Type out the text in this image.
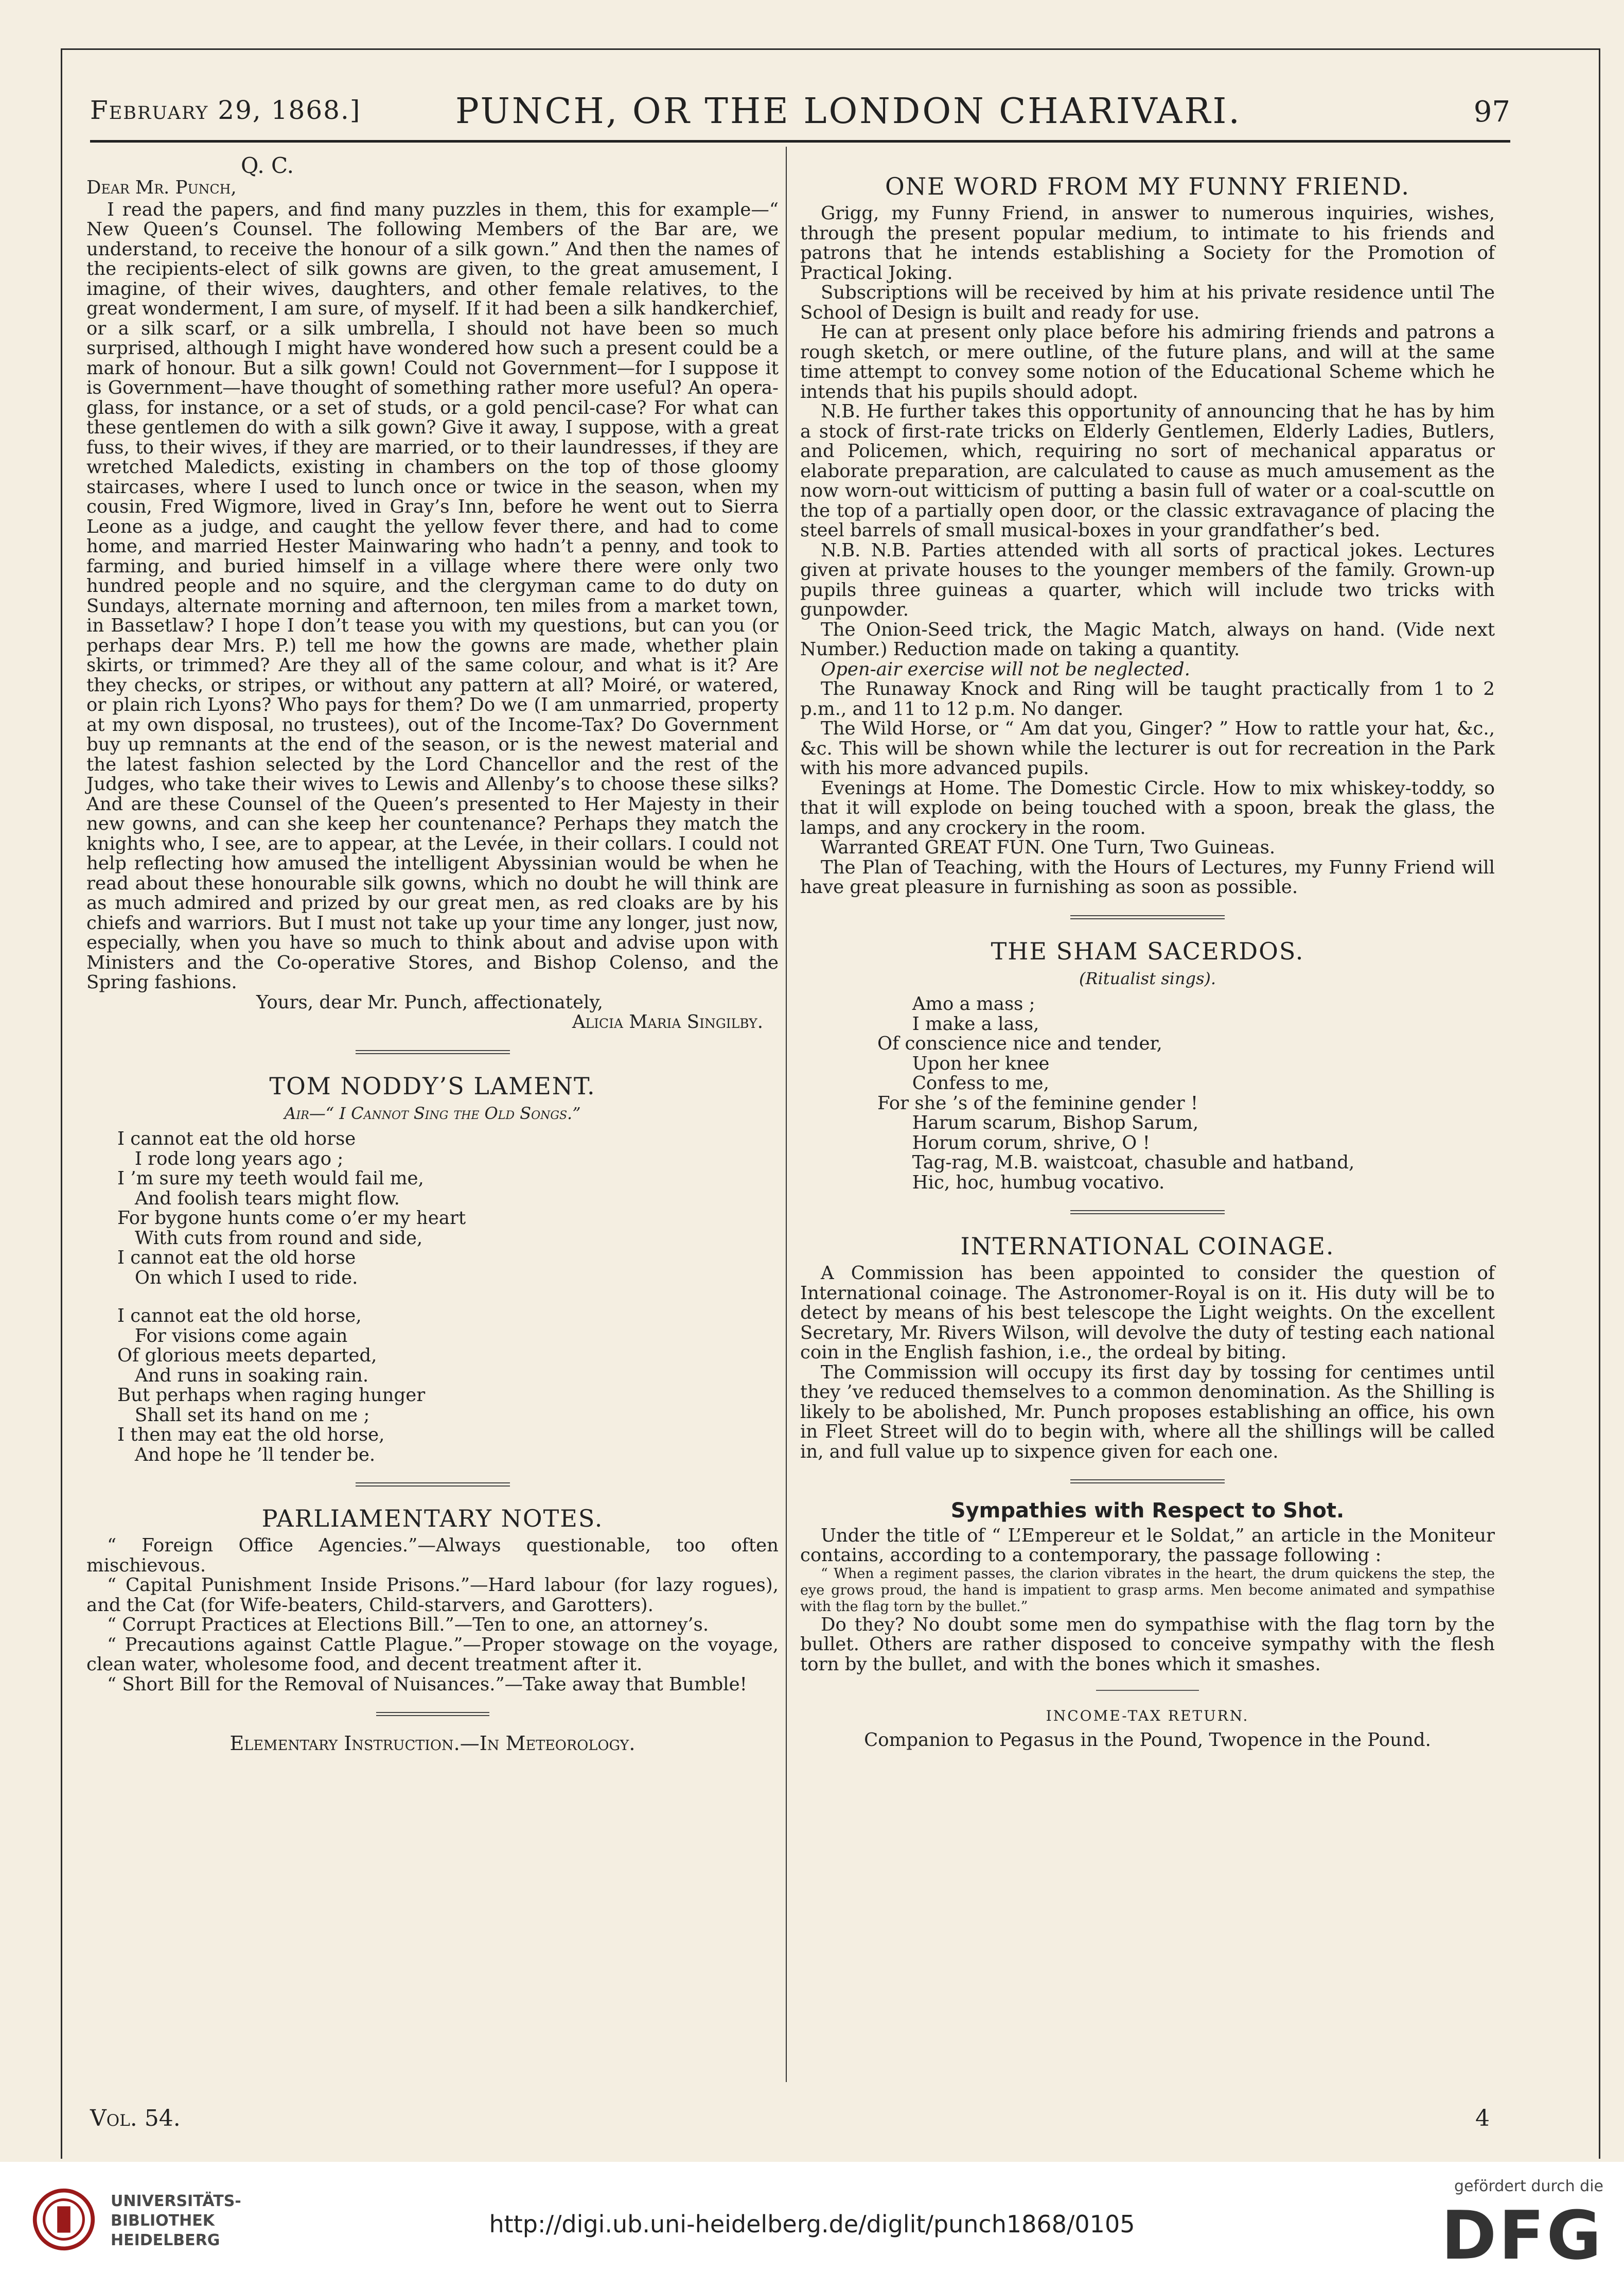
February 29, 1868.]	PUNCH, OR THE LONDON CHARIVARI.	97
Q. C.

Dear Mr. Punch,

I read the papers, and find many puzzles in them, this for example—“ New Queen’s Counsel. The following Members of the Bar are, we understand, to receive the honour of a silk gown.” And then the names of the recipients-elect of silk gowns are given, to the great amusement, I imagine, of their wives, daughters, and other female relatives, to the great wonderment, I am sure, of myself. If it had been a silk handkerchief, or a silk scarf, or a silk umbrella, I should not have been so much surprised, although I might have wondered how such a present could be a mark of honour. But a silk gown! Could not Government—for I suppose it is Government—have thought of something rather more useful? An opera-glass, for instance, or a set of studs, or a gold pencil-case? For what can these gentlemen do with a silk gown? Give it away, I suppose, with a great fuss, to their wives, if they are married, or to their laundresses, if they are wretched Maledicts, existing in chambers on the top of those gloomy staircases, where I used to lunch once or twice in the season, when my cousin, Fred Wigmore, lived in Gray’s Inn, before he went out to Sierra Leone as a judge, and caught the yellow fever there, and had to come home, and married Hester Mainwaring who hadn’t a penny, and took to farming, and buried himself in a village where there were only two hundred people and no squire, and the clergyman came to do duty on Sundays, alternate morning and afternoon, ten miles from a market town, in Bassetlaw? I hope I don’t tease you with my questions, but can you (or perhaps dear Mrs. P.) tell me how the gowns are made, whether plain skirts, or trimmed? Are they all of the same colour, and what is it? Are they checks, or stripes, or without any pattern at all? Moiré, or watered, or plain rich Lyons? Who pays for them? Do we (I am unmarried, property at my own disposal, no trustees), out of the Income-Tax? Do Government buy up remnants at the end of the season, or is the newest material and the latest fashion selected by the Lord Chancellor and the rest of the Judges, who take their wives to Lewis and Allenby’s to choose these silks? And are these Counsel of the Queen’s presented to Her Majesty in their new gowns, and can she keep her countenance? Perhaps they match the knights who, I see, are to appear, at the Levée, in their collars. I could not help reflecting how amused the intelligent Abyssinian would be when he read about these honourable silk gowns, which no doubt he will think are as much admired and prized by our great men, as red cloaks are by his chiefs and warriors. But I must not take up your time any longer, just now, especially, when you have so much to think about and advise upon with Ministers and the Co-operative Stores, and Bishop Colenso, and the Spring fashions.

Yours, dear Mr. Punch, affectionately,

Alicia Maria Singilby.

TOM NODDY’S LAMENT.
Air—“ I Cannot Sing the Old Songs.”
I cannot eat the old horse
I rode long years ago ;
I ’m sure my teeth would fail me,
And foolish tears might flow.
For bygone hunts come o’er my heart
With cuts from round and side,
I cannot eat the old horse
On which I used to ride.
I cannot eat the old horse,
For visions come again
Of glorious meets departed,
And runs in soaking rain.
But perhaps when raging hunger
Shall set its hand on me ;
I then may eat the old horse,
And hope he ’ll tender be.
PARLIAMENTARY NOTES.

“ Foreign Office Agencies.”—Always questionable, too often mischievous.

“ Capital Punishment Inside Prisons.”—Hard labour (for lazy rogues), and the Cat (for Wife-beaters, Child-starvers, and Garotters).

“ Corrupt Practices at Elections Bill.”—Ten to one, an attorney’s.

“ Precautions against Cattle Plague.”—Proper stowage on the voyage, clean water, wholesome food, and decent treatment after it.

“ Short Bill for the Removal of Nuisances.”—Take away that Bumble!

Elementary Instruction.—In Meteorology.
ONE WORD FROM MY FUNNY FRIEND.

Grigg, my Funny Friend, in answer to numerous inquiries, wishes, through the present popular medium, to intimate to his friends and patrons that he intends establishing a Society for the Promotion of Practical Joking.

Subscriptions will be received by him at his private residence until The School of Design is built and ready for use.

He can at present only place before his admiring friends and patrons a rough sketch, or mere outline, of the future plans, and will at the same time attempt to convey some notion of the Educational Scheme which he intends that his pupils should adopt.

N.B. He further takes this opportunity of announcing that he has by him a stock of first-rate tricks on Elderly Gentlemen, Elderly Ladies, Butlers, and Policemen, which, requiring no sort of mechanical apparatus or elaborate preparation, are calculated to cause as much amusement as the now worn-out witticism of putting a basin full of water or a coal-scuttle on the top of a partially open door, or the classic extravagance of placing the steel barrels of small musical-boxes in your grandfather’s bed.

N.B. N.B. Parties attended with all sorts of practical jokes. Lectures given at private houses to the younger members of the family. Grown-up pupils three guineas a quarter, which will include two tricks with gunpowder.

The Onion-Seed trick, the Magic Match, always on hand. (Vide next Number.) Reduction made on taking a quantity.

Open-air exercise will not be neglected.

The Runaway Knock and Ring will be taught practically from 1 to 2 p.m., and 11 to 12 p.m. No danger.

The Wild Horse, or “ Am dat you, Ginger? ” How to rattle your hat, &c., &c. This will be shown while the lecturer is out for recreation in the Park with his more advanced pupils.

Evenings at Home. The Domestic Circle. How to mix whiskey-toddy, so that it will explode on being touched with a spoon, break the glass, the lamps, and any crockery in the room.

Warranted GREAT FUN. One Turn, Two Guineas.

The Plan of Teaching, with the Hours of Lectures, my Funny Friend will have great pleasure in furnishing as soon as possible.

THE SHAM SACERDOS.
(Ritualist sings).
Amo a mass ;
I make a lass,
Of conscience nice and tender,
Upon her knee
Confess to me,
For she ’s of the feminine gender !
Harum scarum, Bishop Sarum,
Horum corum, shrive, O !
Tag-rag, M.B. waistcoat, chasuble and hatband,
Hic, hoc, humbug vocativo.
INTERNATIONAL COINAGE.

A Commission has been appointed to consider the question of International coinage. The Astronomer-Royal is on it. His duty will be to detect by means of his best telescope the Light weights. On the excellent Secretary, Mr. Rivers Wilson, will devolve the duty of testing each national coin in the English fashion, i.e., the ordeal by biting.

The Commission will occupy its first day by tossing for centimes until they ’ve reduced themselves to a common denomination. As the Shilling is likely to be abolished, Mr. Punch proposes establishing an office, his own in Fleet Street will do to begin with, where all the shillings will be called in, and full value up to sixpence given for each one.

Sympathies with Respect to Shot.

Under the title of “ L’Empereur et le Soldat,” an article in the Moniteur contains, according to a contemporary, the passage following :

“ When a regiment passes, the clarion vibrates in the heart, the drum quickens the step, the eye grows proud, the hand is impatient to grasp arms. Men become animated and sympathise with the flag torn by the bullet.”

Do they? No doubt some men do sympathise with the flag torn by the bullet. Others are rather disposed to conceive sympathy with the flesh torn by the bullet, and with the bones which it smashes.

INCOME-TAX RETURN.

Companion to Pegasus in the Pound, Twopence in the Pound.

Vol. 54.	4
UNIVERSITÄTS-
BIBLIOTHEK
HEIDELBERG
http://digi.ub.uni-heidelberg.de/diglit/punch1868/0105
gefördert durch die
DFG
